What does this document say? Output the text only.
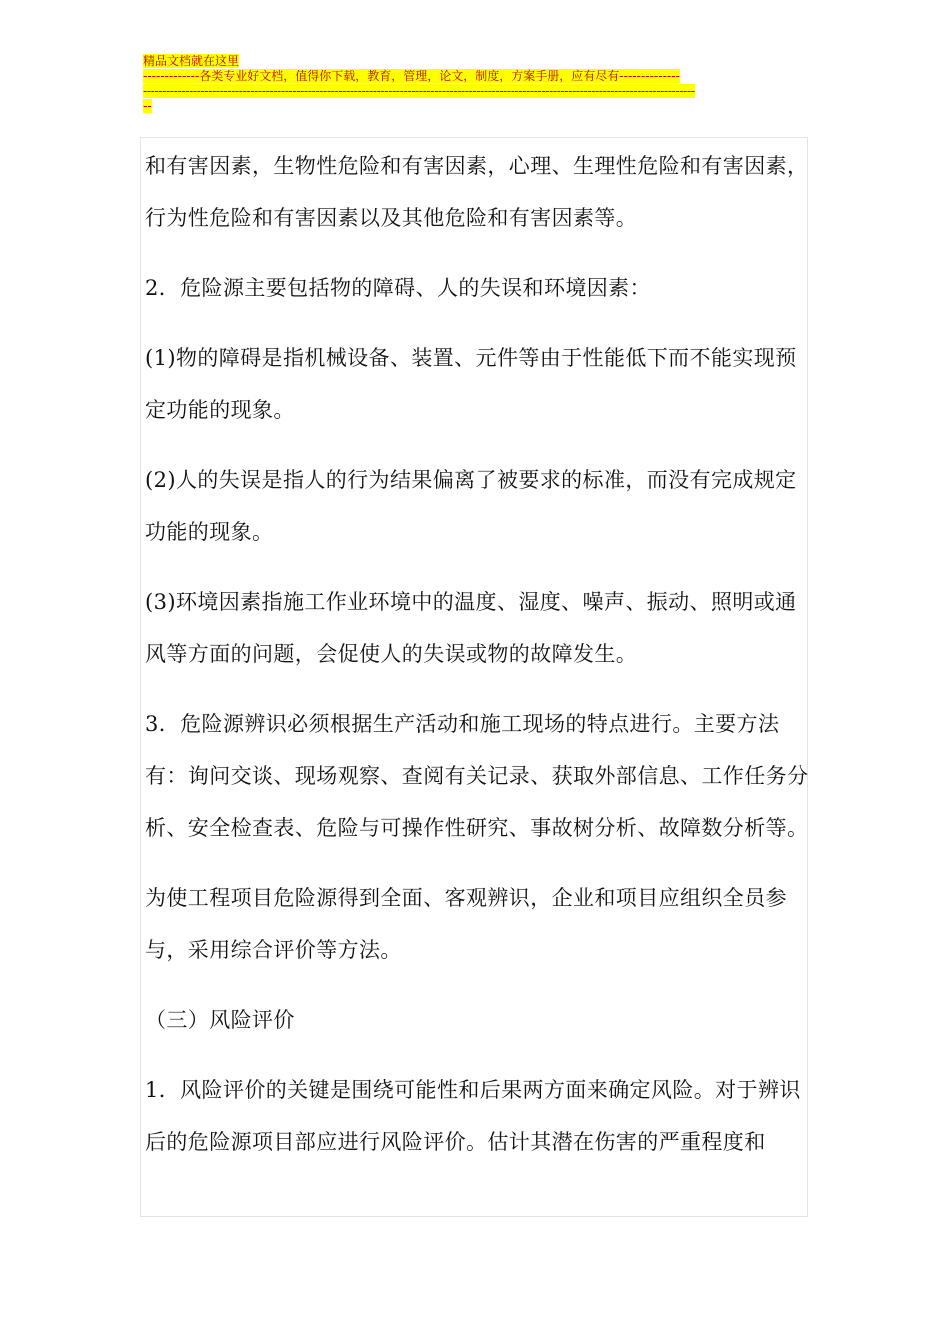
精品文档就在这里
-------------各类专业好文档，值得你下载，教育，管理，论文，制度，方案手册，应有尽有--------------
------------------------------------------------------------------------------------------------------------------------------------------------
--

和有害因素，生物性危险和有害因素，心理、生理性危险和有害因素，行为性危险和有害因素以及其他危险和有害因素等。

2．危险源主要包括物的障碍、人的失误和环境因素：

(1)物的障碍是指机械设备、装置、元件等由于性能低下而不能实现预定功能的现象。

(2)人的失误是指人的行为结果偏离了被要求的标准，而没有完成规定功能的现象。

(3)环境因素指施工作业环境中的温度、湿度、噪声、振动、照明或通风等方面的问题，会促使人的失误或物的故障发生。

3．危险源辨识必须根据生产活动和施工现场的特点进行。主要方法有：询问交谈、现场观察、查阅有关记录、获取外部信息、工作任务分析、安全检查表、危险与可操作性研究、事故树分析、故障数分析等。

为使工程项目危险源得到全面、客观辨识，企业和项目应组织全员参与，采用综合评价等方法。

（三）风险评价

1．风险评价的关键是围绕可能性和后果两方面来确定风险。对于辨识后的危险源项目部应进行风险评价。估计其潜在伤害的严重程度和
